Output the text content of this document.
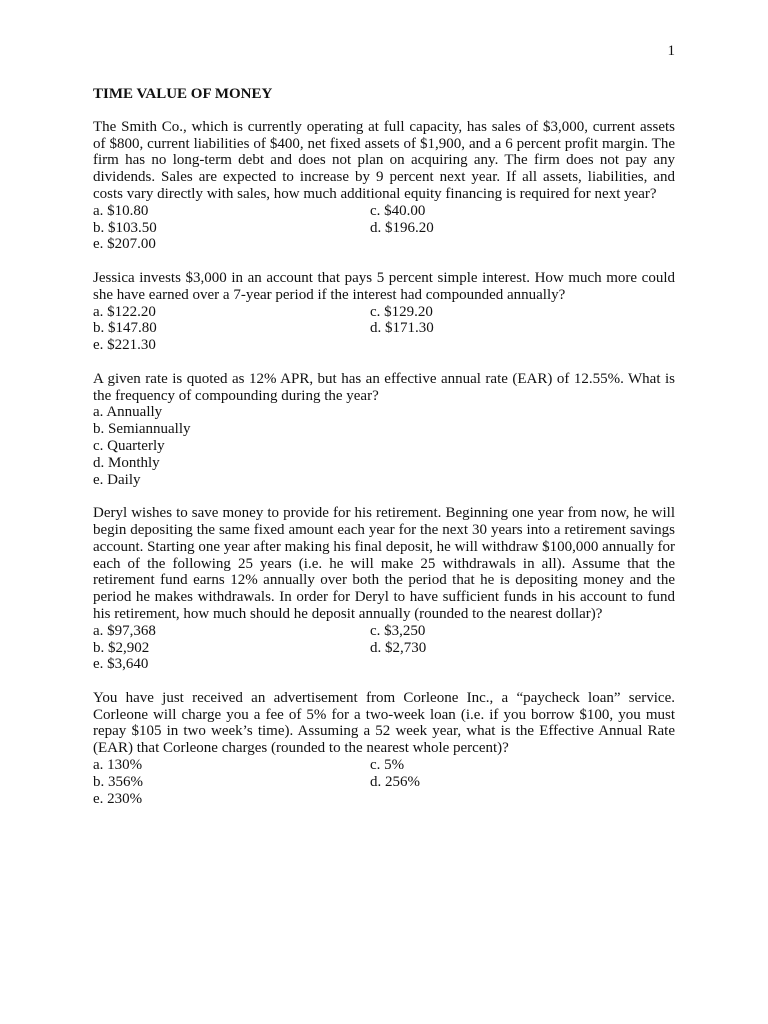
1
TIME VALUE OF MONEY

The Smith Co., which is currently operating at full capacity, has sales of $3,000, current assets of $800, current liabilities of $400, net fixed assets of $1,900, and a 6 percent profit margin. The firm has no long-term debt and does not plan on acquiring any. The firm does not pay any dividends. Sales are expected to increase by 9 percent next year. If all assets, liabilities, and costs vary directly with sales, how much additional equity financing is required for next year?

a. $10.80	c. $40.00
b. $103.50	d. $196.20
e. $207.00

Jessica invests $3,000 in an account that pays 5 percent simple interest. How much more could she have earned over a 7-year period if the interest had compounded annually?

a. $122.20	c. $129.20
b. $147.80	d. $171.30
e. $221.30

A given rate is quoted as 12% APR, but has an effective annual rate (EAR) of 12.55%. What is the frequency of compounding during the year?

a. Annually
b. Semiannually
c. Quarterly
d. Monthly
e. Daily

Deryl wishes to save money to provide for his retirement. Beginning one year from now, he will begin depositing the same fixed amount each year for the next 30 years into a retirement savings account. Starting one year after making his final deposit, he will withdraw $100,000 annually for each of the following 25 years (i.e. he will make 25 withdrawals in all). Assume that the retirement fund earns 12% annually over both the period that he is depositing money and the period he makes withdrawals. In order for Deryl to have sufficient funds in his account to fund his retirement, how much should he deposit annually (rounded to the nearest dollar)?

a. $97,368	c. $3,250
b. $2,902	d. $2,730
e. $3,640

You have just received an advertisement from Corleone Inc., a “paycheck loan” service. Corleone will charge you a fee of 5% for a two-week loan (i.e. if you borrow $100, you must repay $105 in two week’s time). Assuming a 52 week year, what is the Effective Annual Rate (EAR) that Corleone charges (rounded to the nearest whole percent)?

a. 130%	c. 5%
b. 356%	d. 256%
e. 230%
